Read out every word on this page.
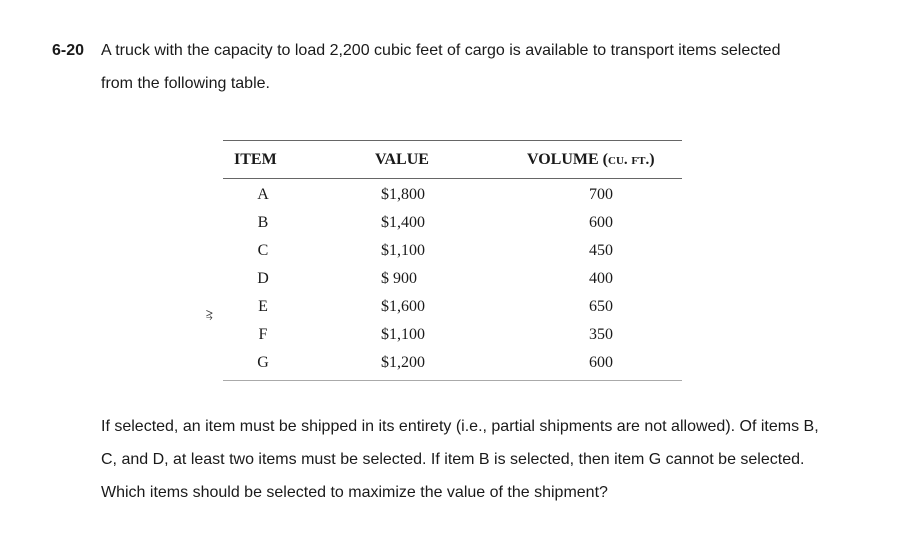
6-20 A truck with the capacity to load 2,200 cubic feet of cargo is available to transport items selected
from the following table.
ITEM	VALUE	VOLUME (cu. ft.)
A	$1,800	700
B	$1,400	600
C	$1,100	450
D	$ 900	400
E	$1,600	650
F	$1,100	350
G	$1,200	600
⥸
If selected, an item must be shipped in its entirety (i.e., partial shipments are not allowed). Of items B,
C, and D, at least two items must be selected. If item B is selected, then item G cannot be selected.
Which items should be selected to maximize the value of the shipment?
